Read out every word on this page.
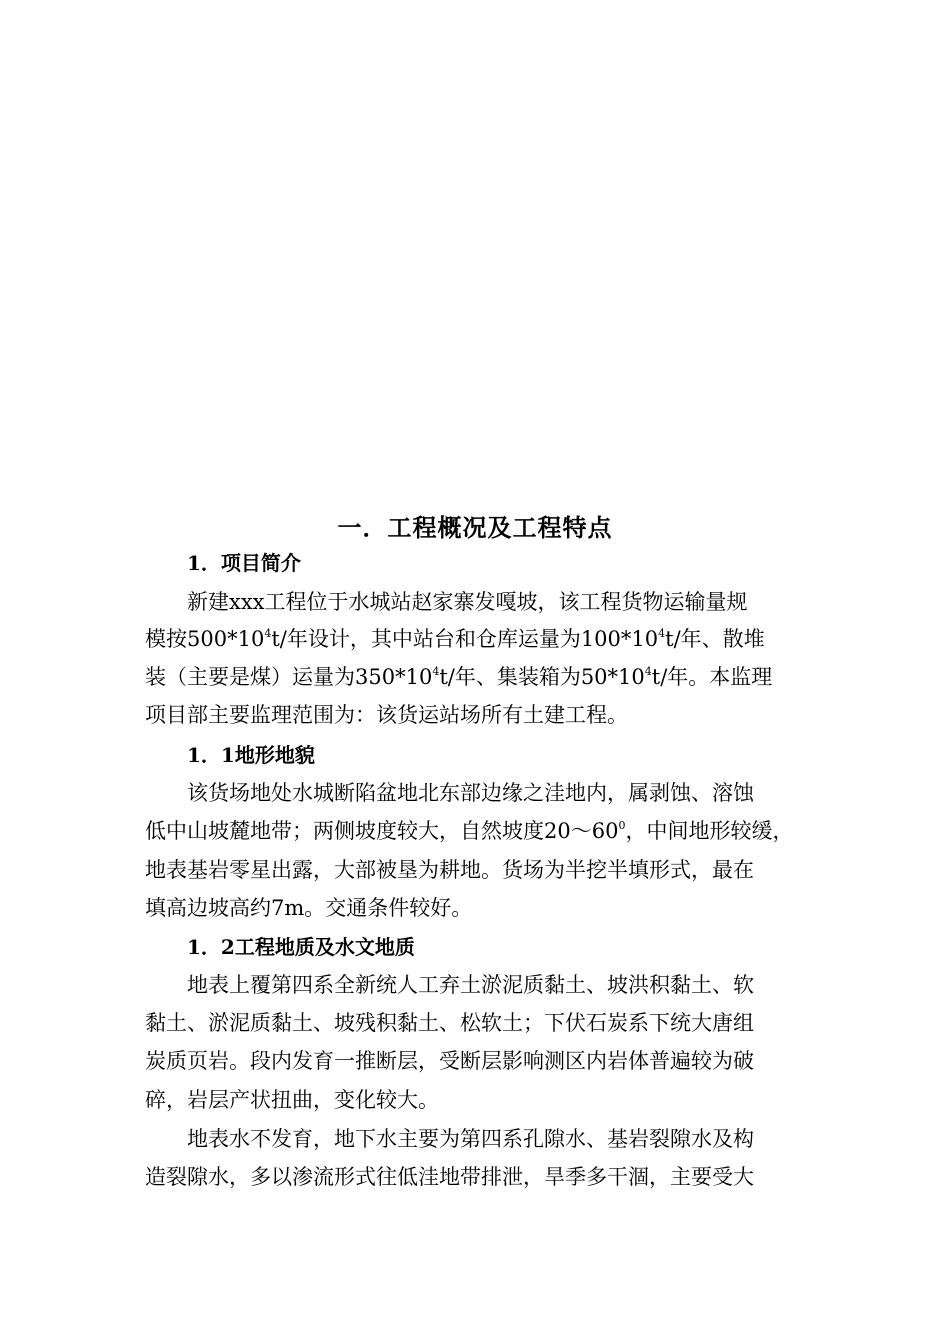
一．工程概况及工程特点
1．项目简介
新建xxx工程位于水城站赵家寨发嘎坡，该工程货物运输量规
模按$500*10^4t/$年设计，其中站台和仓库运量为$100*10^4t/$年、散堆
装（主要是煤）运量为$350*10^4t/$年、集装箱为$50*10^4t/$年。本监理
项目部主要监理范围为：该货运站场所有土建工程。
1．1地形地貌
该货场地处水城断陷盆地北东部边缘之洼地内，属剥蚀、溶蚀
低中山坡麓地带；两侧坡度较大，自然坡度$20\sim 60^0$，中间地形较缓，
地表基岩零星出露，大部被垦为耕地。货场为半挖半填形式，最在
填高边坡高约7m。交通条件较好。
1．2工程地质及水文地质
地表上覆第四系全新统人工弃土淤泥质黏土、坡洪积黏土、软
黏土、淤泥质黏土、坡残积黏土、松软土；下伏石炭系下统大唐组
炭质页岩。段内发育一推断层，受断层影响测区内岩体普遍较为破
碎，岩层产状扭曲，变化较大。
地表水不发育，地下水主要为第四系孔隙水、基岩裂隙水及构
造裂隙水，多以渗流形式往低洼地带排泄，旱季多干涸，主要受大
